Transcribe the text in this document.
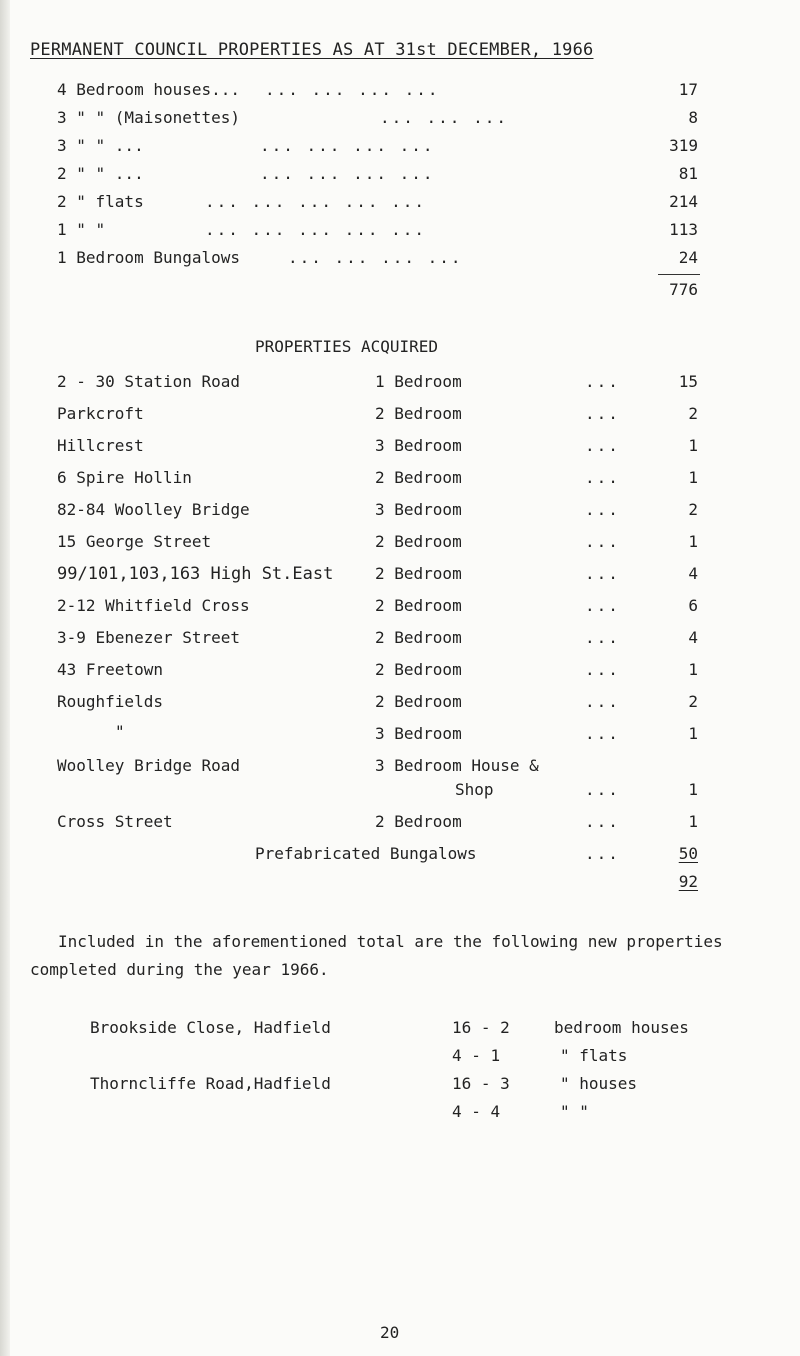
PERMANENT COUNCIL PROPERTIES AS AT 31st DECEMBER, 1966
4 Bedroom houses... ... ... ... ...	17
3 " " (Maisonettes)	... ... ...	8
3 " " ...	... ... ... ...	319
2 " " ...	... ... ... ...	81
2 " flats	... ... ... ... ...	214
1 " "	... ... ... ... ...	113
1 Bedroom Bungalows	... ... ... ...	24
776
PROPERTIES ACQUIRED
2 - 30 Station Road	1 Bedroom	...	15
Parkcroft	2 Bedroom	...	2
Hillcrest	3 Bedroom	...	1
6 Spire Hollin	2 Bedroom	...	1
82-84 Woolley Bridge	3 Bedroom	...	2
15 George Street	2 Bedroom	...	1
99/101,103,163 High St.East	2 Bedroom	...	4
2-12 Whitfield Cross	2 Bedroom	...	6
3-9 Ebenezer Street	2 Bedroom	...	4
43 Freetown	2 Bedroom	...	1
Roughfields	2 Bedroom	...	2
"	3 Bedroom	...	1
Woolley Bridge Road	3 Bedroom House &
Shop	...	1
Cross Street	2 Bedroom	...	1
Prefabricated Bungalows	...	50
92
Included in the aforementioned total are the following new properties
completed during the year 1966.
Brookside Close, Hadfield	16 - 2	bedroom houses
4 - 1	" flats
Thorncliffe Road,Hadfield	16 - 3	" houses
4 - 4	" "
20
